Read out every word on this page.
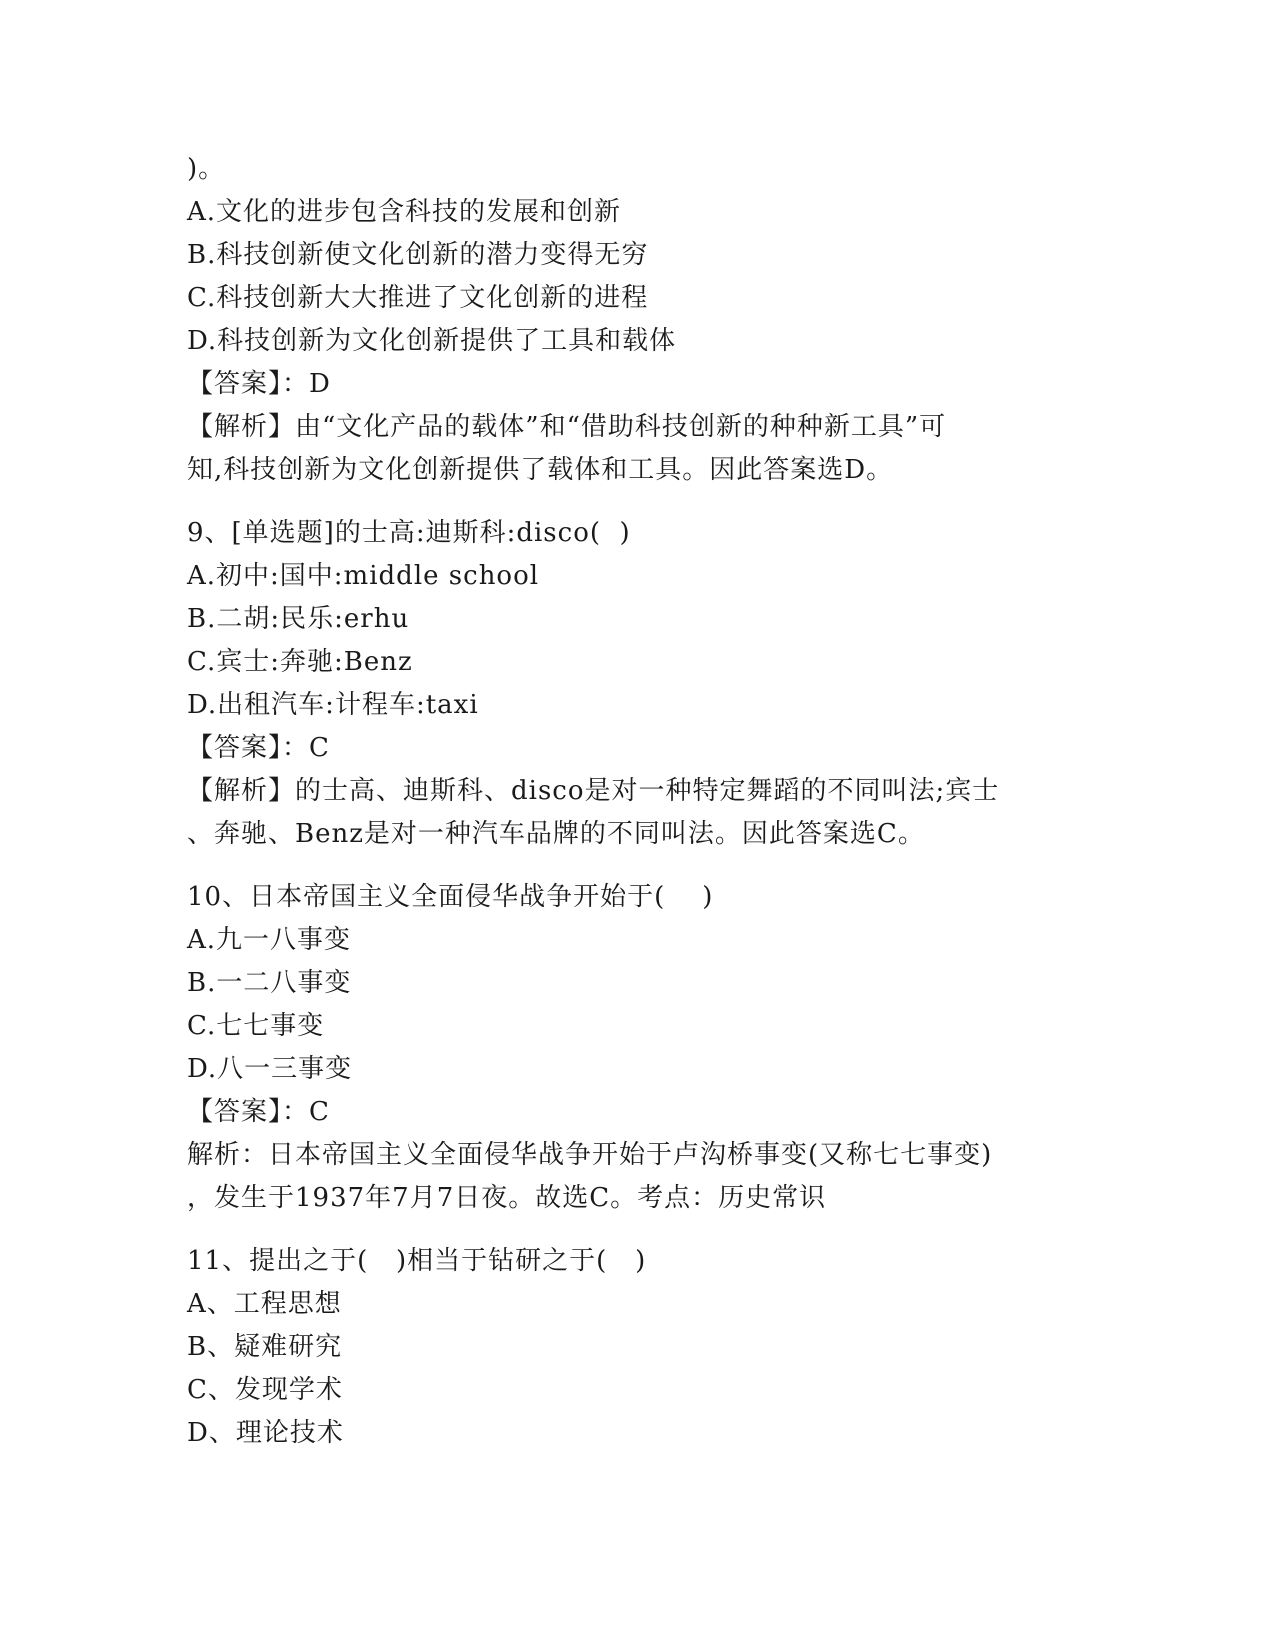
)。
A.文化的进步包含科技的发展和创新
B.科技创新使文化创新的潜力变得无穷
C.科技创新大大推进了文化创新的进程
D.科技创新为文化创新提供了工具和载体
【答案】：D
【解析】由“文化产品的载体”和“借助科技创新的种种新工具”可
知,科技创新为文化创新提供了载体和工具。因此答案选D。
9、[单选题]的士高:迪斯科:disco(  )
A.初中:国中:middle school
B.二胡:民乐:erhu
C.宾士:奔驰:Benz
D.出租汽车:计程车:taxi
【答案】：C
【解析】的士高、迪斯科、disco是对一种特定舞蹈的不同叫法;宾士
、奔驰、Benz是对一种汽车品牌的不同叫法。因此答案选C。
10、日本帝国主义全面侵华战争开始于(    )
A.九一八事变
B.一二八事变
C.七七事变
D.八一三事变
【答案】：C
解析：日本帝国主义全面侵华战争开始于卢沟桥事变(又称七七事变)
，发生于1937年7月7日夜。故选C。考点：历史常识
11、提出之于(   )相当于钻研之于(   )
A、工程思想
B、疑难研究
C、发现学术
D、理论技术
